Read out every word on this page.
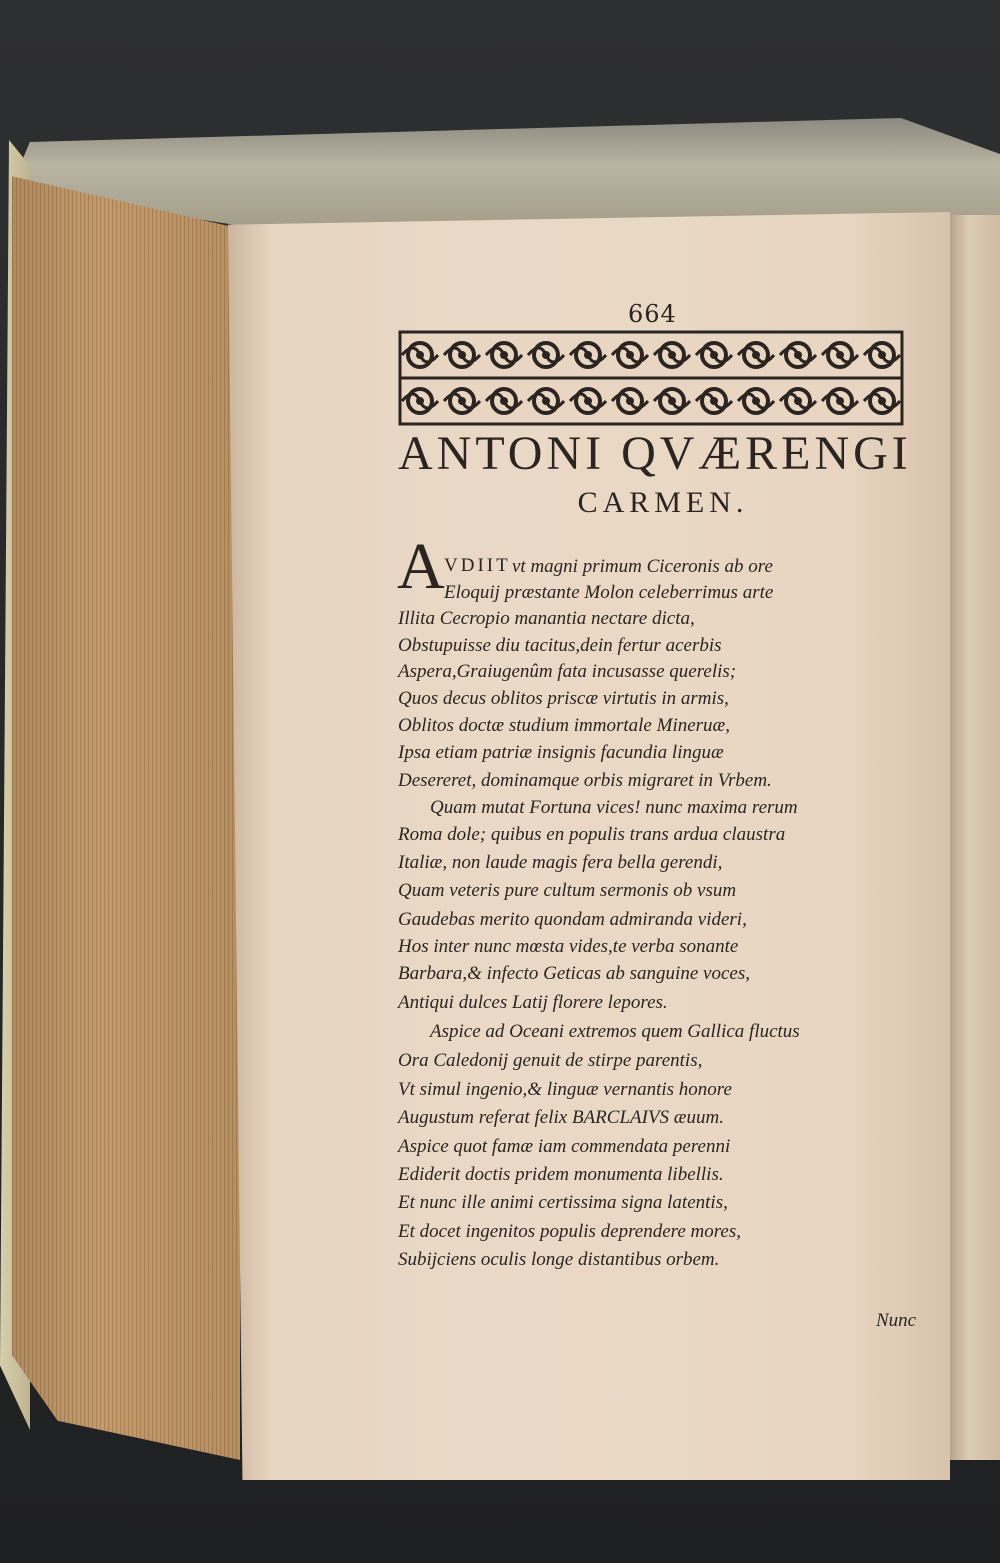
664
ANTONI QVÆRENGI
CARMEN.
A VDIIT vt magni primum Ciceronis ab ore
Eloquij præstante Molon celeberrimus arte
Illita Cecropio manantia nectare dicta,
Obstupuisse diu tacitus,dein fertur acerbis
Aspera,Graiugenûm fata incusasse querelis;
Quos decus oblitos priscæ virtutis in armis,
Oblitos doctæ studium immortale Mineruæ,
Ipsa etiam patriæ insignis facundia linguæ
Desereret, dominamque orbis migraret in Vrbem.
Quam mutat Fortuna vices! nunc maxima rerum
Roma dole; quibus en populis trans ardua claustra
Italiæ, non laude magis fera bella gerendi,
Quam veteris pure cultum sermonis ob vsum
Gaudebas merito quondam admiranda videri,
Hos inter nunc mœsta vides,te verba sonante
Barbara,& infecto Geticas ab sanguine voces,
Antiqui dulces Latij florere lepores.
Aspice ad Oceani extremos quem Gallica fluctus
Ora Caledonij genuit de stirpe parentis,
Vt simul ingenio,& linguæ vernantis honore
Augustum referat felix BARCLAIVS æuum.
Aspice quot famæ iam commendata perenni
Ediderit doctis pridem monumenta libellis.
Et nunc ille animi certissima signa latentis,
Et docet ingenitos populis deprendere mores,
Subijciens oculis longe distantibus orbem.
Nunc
